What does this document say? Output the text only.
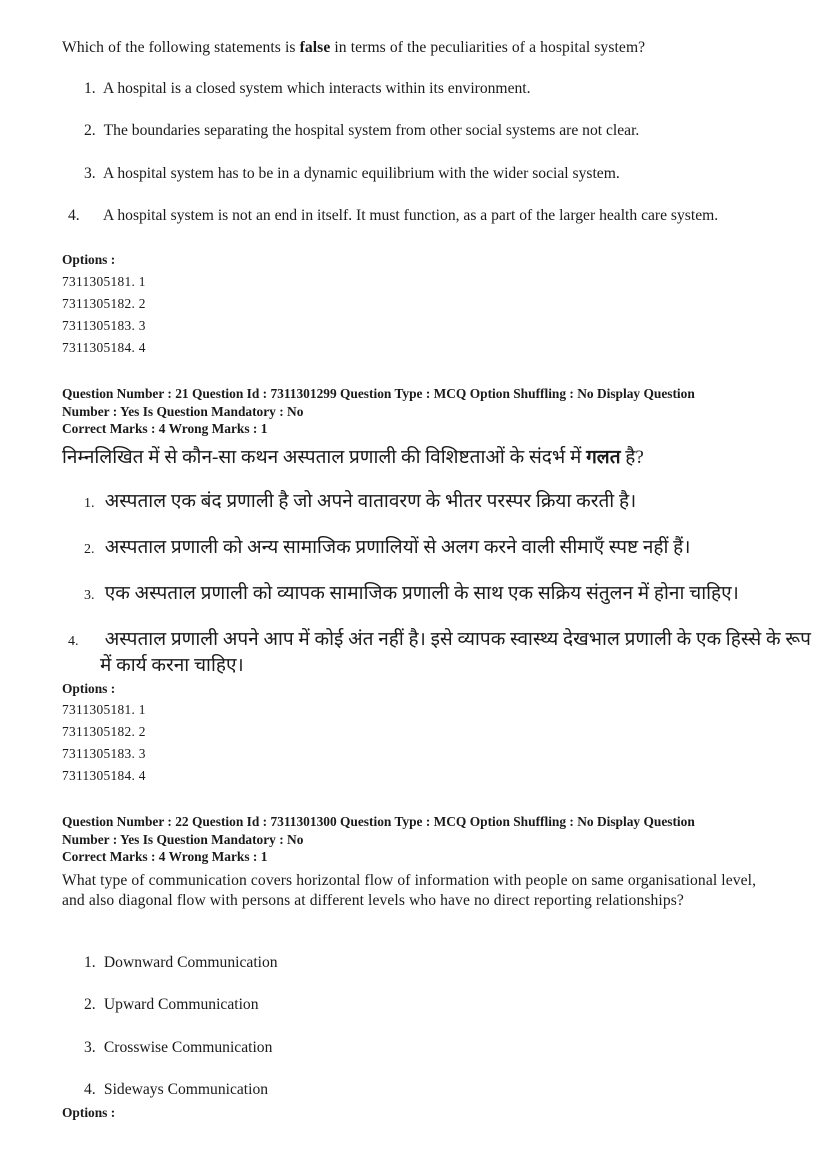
Which of the following statements is false in terms of the peculiarities of a hospital system?
1. A hospital is a closed system which interacts within its environment.
2. The boundaries separating the hospital system from other social systems are not clear.
3. A hospital system has to be in a dynamic equilibrium with the wider social system.
4. A hospital system is not an end in itself. It must function, as a part of the larger health care system.
Options :
7311305181. 1
7311305182. 2
7311305183. 3
7311305184. 4
Question Number : 21 Question Id : 7311301299 Question Type : MCQ Option Shuffling : No Display Question
Number : Yes Is Question Mandatory : No
Correct Marks : 4 Wrong Marks : 1
निम्नलिखित में से कौन-सा कथन अस्पताल प्रणाली की विशिष्टताओं के संदर्भ में गलत है?
1. अस्पताल एक बंद प्रणाली है जो अपने वातावरण के भीतर परस्पर क्रिया करती है।
2. अस्पताल प्रणाली को अन्य सामाजिक प्रणालियों से अलग करने वाली सीमाएँ स्पष्ट नहीं हैं।
3. एक अस्पताल प्रणाली को व्यापक सामाजिक प्रणाली के साथ एक सक्रिय संतुलन में होना चाहिए।
4. अस्पताल प्रणाली अपने आप में कोई अंत नहीं है। इसे व्यापक स्वास्थ्य देखभाल प्रणाली के एक हिस्से के रूप में कार्य करना चाहिए।
Options :
7311305181. 1
7311305182. 2
7311305183. 3
7311305184. 4
Question Number : 22 Question Id : 7311301300 Question Type : MCQ Option Shuffling : No Display Question
Number : Yes Is Question Mandatory : No
Correct Marks : 4 Wrong Marks : 1
What type of communication covers horizontal flow of information with people on same organisational level, and also diagonal flow with persons at different levels who have no direct reporting relationships?
1. Downward Communication
2. Upward Communication
3. Crosswise Communication
4. Sideways Communication
Options :
